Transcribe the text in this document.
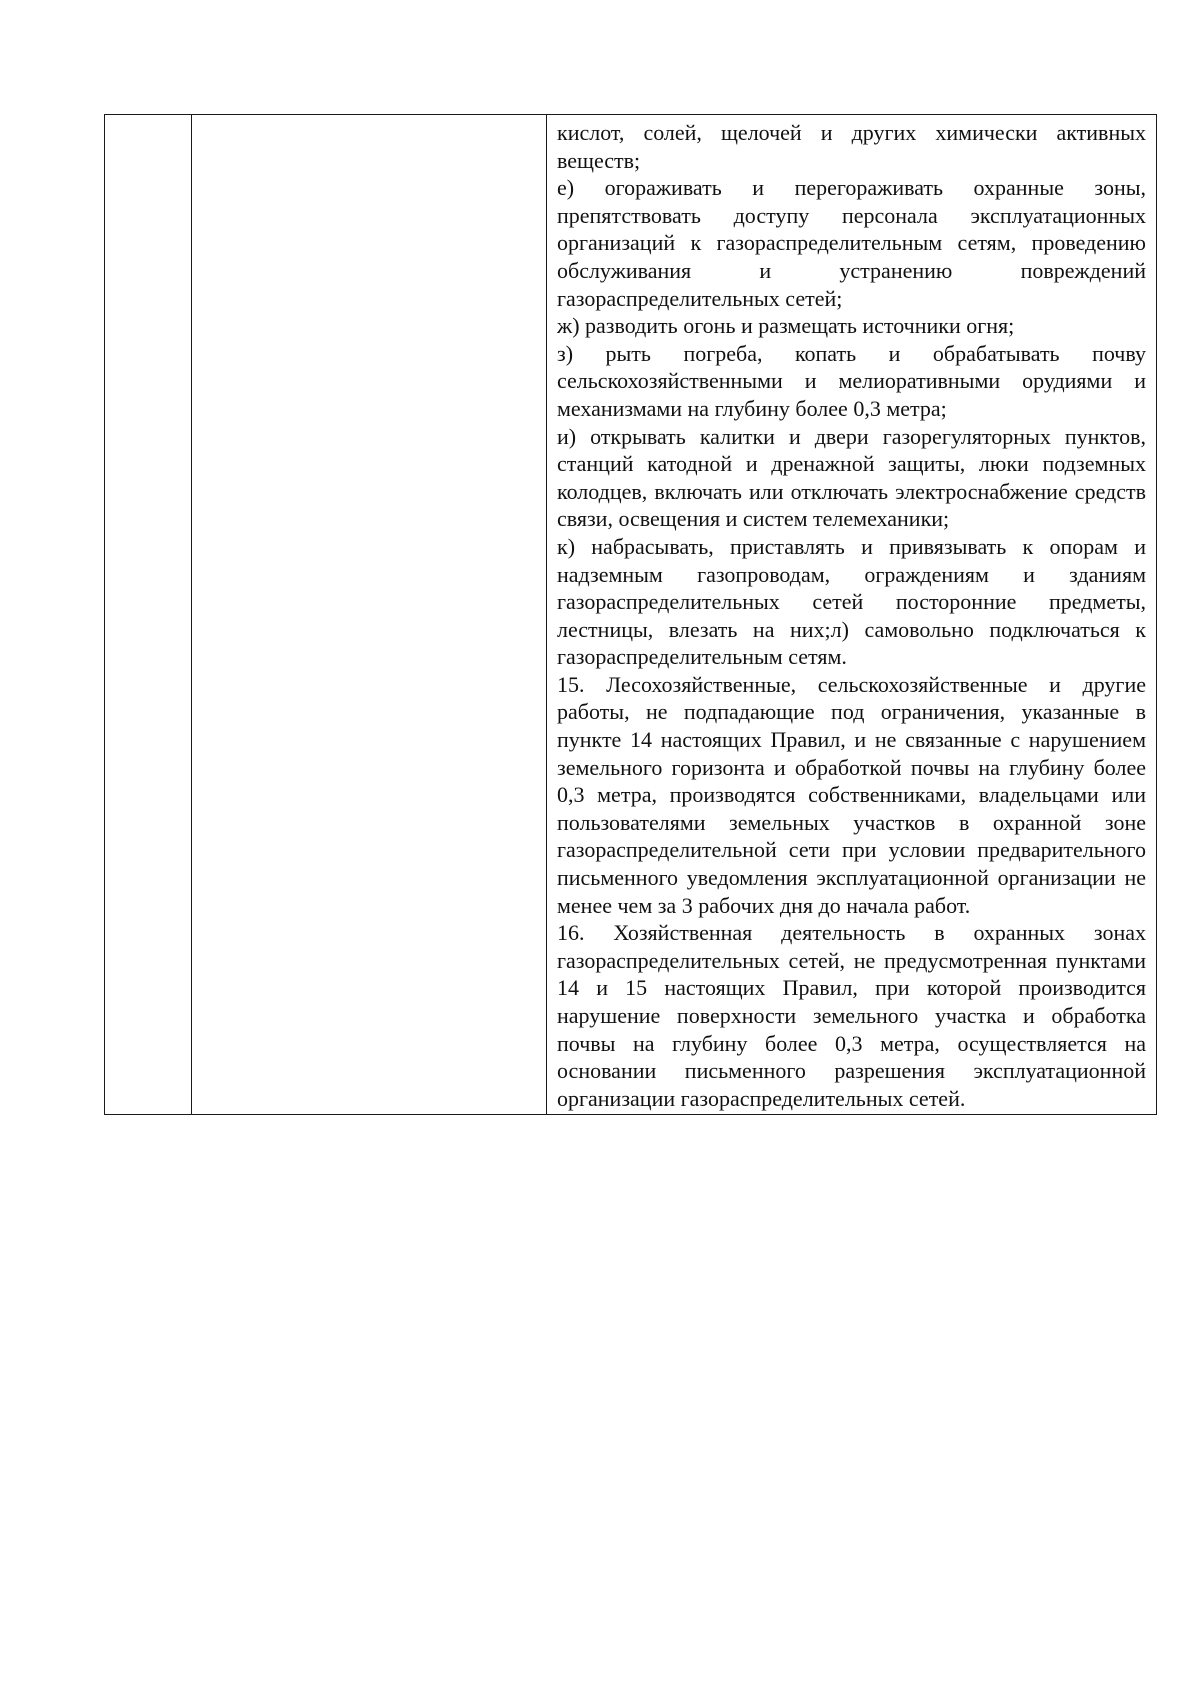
кислот, солей, щелочей и других химически активных веществ;

е) огораживать и перегораживать охранные зоны, препятствовать доступу персонала эксплуатационных организаций к газораспределительным сетям, проведению обслуживания и устранению повреждений газораспределительных сетей;

ж) разводить огонь и размещать источники огня;

з) рыть погреба, копать и обрабатывать почву сельскохозяйственными и мелиоративными орудиями и механизмами на глубину более 0,3 метра;

и) открывать калитки и двери газорегуляторных пунктов, станций катодной и дренажной защиты, люки подземных колодцев, включать или отключать электроснабжение средств связи, освещения и систем телемеханики;

к) набрасывать, приставлять и привязывать к опорам и надземным газопроводам, ограждениям и зданиям газораспределительных сетей посторонние предметы, лестницы, влезать на них;л) самовольно подключаться к газораспределительным сетям.

15. Лесохозяйственные, сельскохозяйственные и другие работы, не подпадающие под ограничения, указанные в пункте 14 настоящих Правил, и не связанные с нарушением земельного горизонта и обработкой почвы на глубину более 0,3 метра, производятся собственниками, владельцами или пользователями земельных участков в охранной зоне газораспределительной сети при условии предварительного письменного уведомления эксплуатационной организации не менее чем за 3 рабочих дня до начала работ.

16. Хозяйственная деятельность в охранных зонах газораспределительных сетей, не предусмотренная пунктами 14 и 15 настоящих Правил, при которой производится нарушение поверхности земельного участка и обработка почвы на глубину более 0,3 метра, осуществляется на основании письменного разрешения эксплуатационной организации газораспределительных сетей.
